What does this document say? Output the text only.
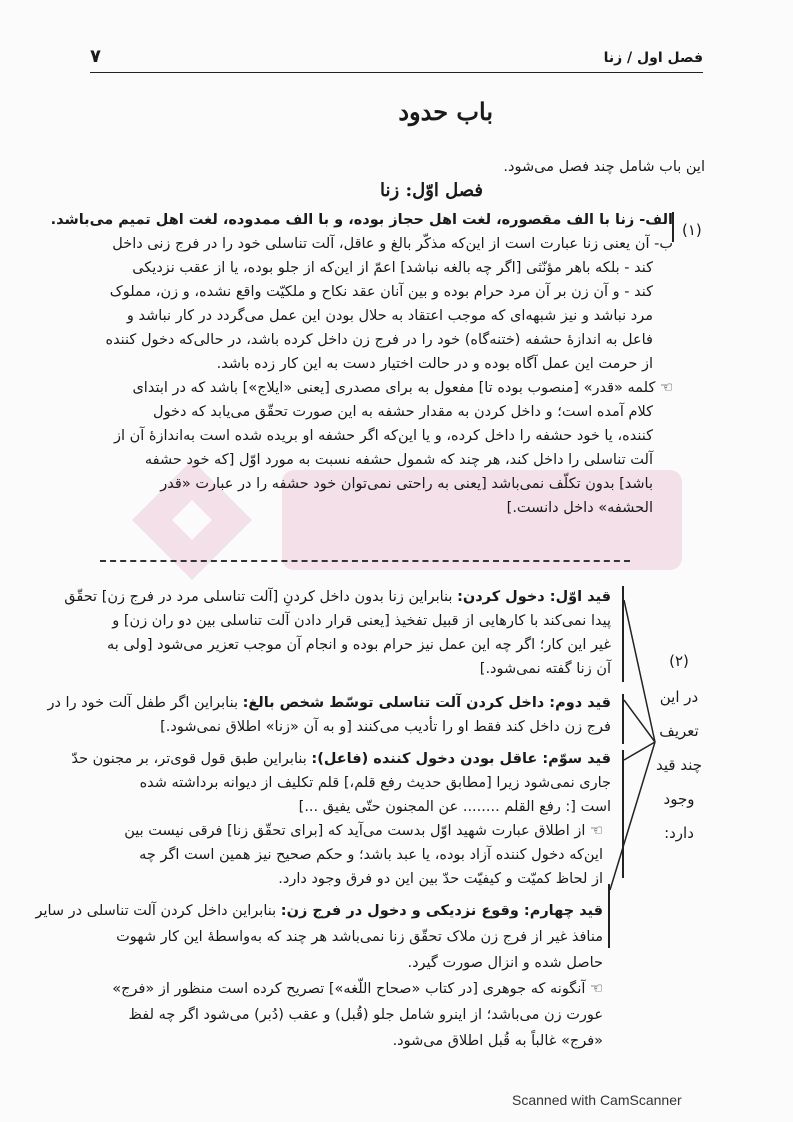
فصل اول / زنا
۷
باب حدود
این باب شامل چند فصل می‌شود.
فصل اوّل: زنا
(۱)
الف- زنا با الف مقصوره، لغت اهل حجاز بوده، و با الف ممدوده، لغت اهل تمیم می‌باشد.
ب- آن یعنی زنا عبارت است از این‌که مذکّر بالغ و عاقل، آلت تناسلی خود را در فرج زنی داخل
کند - بلکه باهر مؤنّثی [اگر چه بالغه نباشد] اعمّ از این‌که از جلو بوده، یا از عقب نزدیکی
کند - و آن زن بر آن مرد حرام بوده و بین آنان عقد نکاح و ملکیّت واقع نشده، و زن، مملوک
مرد نباشد و نیز شبهه‌ای که موجب اعتقاد به حلال بودن این عمل می‌گردد در کار نباشد و
فاعل به اندازهٔ حشفه (ختنه‌گاه) خود را در فرج زن داخل کرده باشد، در حالی‌که دخول کننده
از حرمت این عمل آگاه بوده و در حالت اختیار دست به این کار زده باشد.
☜ کلمه «قدر» [منصوب بوده تا] مفعول به برای مصدری [یعنی «ایلاج»] باشد که در ابتدای
کلام آمده است؛ و داخل کردن به مقدار حشفه به این صورت تحقّق می‌یابد که دخول
کننده، یا خود حشفه را داخل کرده، و یا این‌که اگر حشفه او بریده شده است به‌اندازهٔ آن از
آلت تناسلی را داخل کند، هر چند که شمول حشفه نسبت به مورد اوّل [که خود حشفه
باشد] بدون تکلّف نمی‌باشد [یعنی به راحتی نمی‌توان خود حشفه را در عبارت «قدر
الحشفه» داخل دانست.]
(۲)
در این
تعریف
چند قید
وجود
دارد:
قید اوّل: دخول کردن: بنابراین زنا بدون داخل کردنِ [آلت تناسلی مرد در فرج زن] تحقّق
پیدا نمی‌کند با کارهایی از قبیل تفخیذ [یعنی قرار دادن آلت تناسلی بین دو ران زن] و
غیر این کار؛ اگر چه این عمل نیز حرام بوده و انجام آن موجب تعزیر می‌شود [ولی به
آن زنا گفته نمی‌شود.]
قید دوم: داخل کردن آلت تناسلی توسّط شخص بالغ: بنابراین اگر طفل آلت خود را در
فرج زن داخل کند فقط او را تأدیب می‌کنند [و به آن «زنا» اطلاق نمی‌شود.]
قید سوّم: عاقل بودن دخول کننده (فاعل): بنابراین طبق قول قوی‌تر، بر مجنون حدّ
جاری نمی‌شود زیرا [مطابق حدیث رفع قلم،] قلم تکلیف از دیوانه برداشته شده
است [: رفع القلم ........ عن المجنون حتّی یفیق ...]
☜ از اطلاق عبارت شهید اوّل بدست می‌آید که [برای تحقّق زنا] فرقی نیست بین
این‌که دخول کننده آزاد بوده، یا عبد باشد؛ و حکم صحیح نیز همین است اگر چه
از لحاظ کمیّت و کیفیّت حدّ بین این دو فرق وجود دارد.
قید چهارم: وقوع نزدیکی و دخول در فرج زن: بنابراین داخل کردن آلت تناسلی در سایر
منافذ غیر از فرج زن ملاک تحقّق زنا نمی‌باشد هر چند که به‌واسطهٔ این کار شهوت
حاصل شده و انزال صورت گیرد.
☜ آنگونه که جوهری [در کتاب «صحاح اللّغه»] تصریح کرده است منظور از «فرج»
عورت زن می‌باشد؛ از اینرو شامل جلو (قُبل) و عقب (دُبر) می‌شود اگر چه لفظ
«فرج» غالباً به قُبل اطلاق می‌شود.
Scanned with CamScanner
